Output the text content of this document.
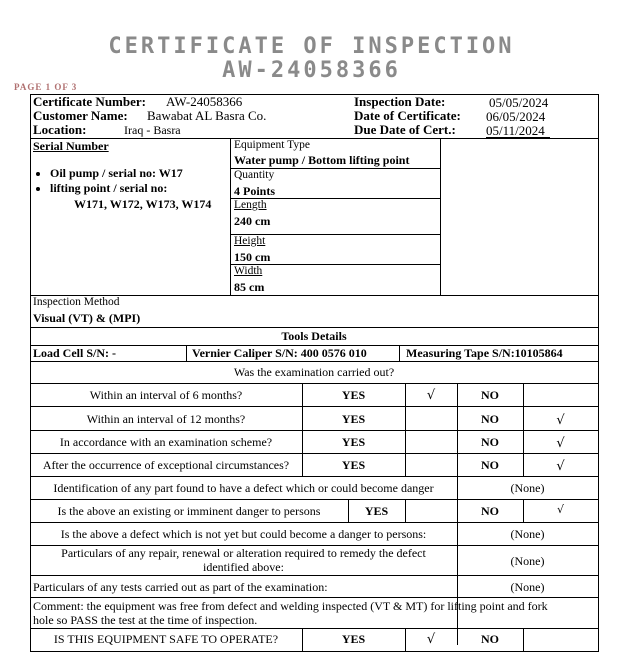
CERTIFICATE OF INSPECTION
AW-24058366
PAGE 1 OF 3
Certificate Number: AW-24058366
Customer Name: Bawabat AL Basra Co.
Location:	Iraq - Basra
Inspection Date:	05/05/2024
Date of Certificate: 06/05/2024
Due Date of Cert.: 05/11/2024
Serial Number
• Oil pump / serial no: W17
• lifting point / serial no:
W171, W172, W173, W174
Equipment Type
Water pump / Bottom lifting point
Quantity
4 Points
Length
240 cm
Height
150 cm
Width
85 cm
Inspection Method
Visual (VT) & (MPI)
Tools Details
Load Cell S/N: -	Vernier Caliper S/N: 400 0576 010	Measuring Tape S/N:10105864
Was the examination carried out?
Within an interval of 6 months?	YES	√	NO
Within an interval of 12 months?	YES	NO	√
In accordance with an examination scheme?	YES	NO	√
After the occurrence of exceptional circumstances?	YES	NO	√
Identification of any part found to have a defect which or could become danger	(None)
Is the above an existing or imminent danger to persons	YES	NO	√
Is the above a defect which is not yet but could become a danger to persons:	(None)
Particulars of any repair, renewal or alteration required to remedy the defect
identified above:	(None)
Particulars of any tests carried out as part of the examination:	(None)
Comment: the equipment was free from defect and welding inspected (VT & MT) for lifting point and fork
hole so PASS the test at the time of inspection.
IS THIS EQUIPMENT SAFE TO OPERATE?	YES	√	NO
